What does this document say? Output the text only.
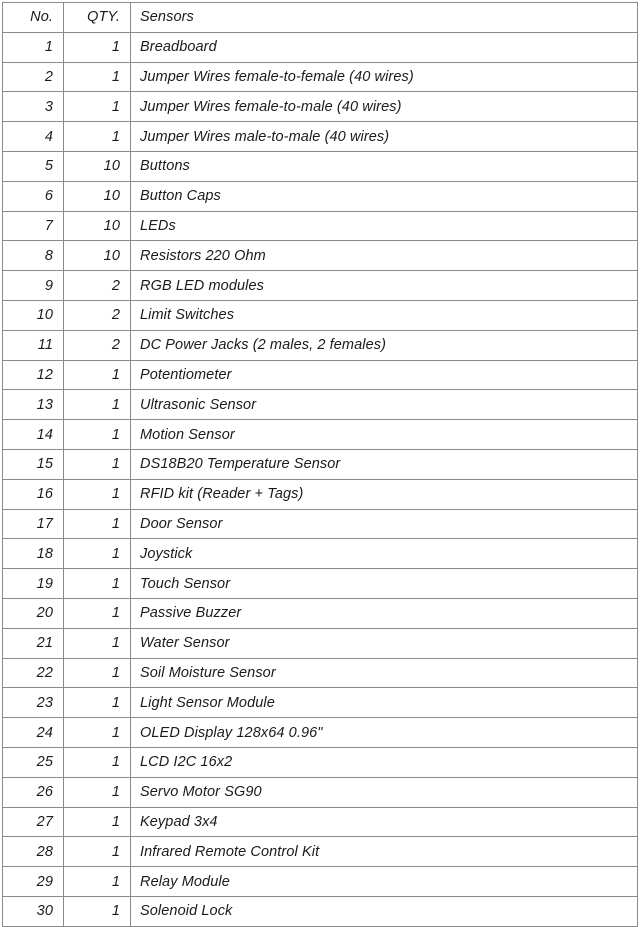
No.	QTY.	Sensors
1	1	Breadboard
2	1	Jumper Wires female-to-female (40 wires)
3	1	Jumper Wires female-to-male (40 wires)
4	1	Jumper Wires male-to-male (40 wires)
5	10	Buttons
6	10	Button Caps
7	10	LEDs
8	10	Resistors 220 Ohm
9	2	RGB LED modules
10	2	Limit Switches
11	2	DC Power Jacks (2 males, 2 females)
12	1	Potentiometer
13	1	Ultrasonic Sensor
14	1	Motion Sensor
15	1	DS18B20 Temperature Sensor
16	1	RFID kit (Reader + Tags)
17	1	Door Sensor
18	1	Joystick
19	1	Touch Sensor
20	1	Passive Buzzer
21	1	Water Sensor
22	1	Soil Moisture Sensor
23	1	Light Sensor Module
24	1	OLED Display 128x64 0.96"
25	1	LCD I2C 16x2
26	1	Servo Motor SG90
27	1	Keypad 3x4
28	1	Infrared Remote Control Kit
29	1	Relay Module
30	1	Solenoid Lock
